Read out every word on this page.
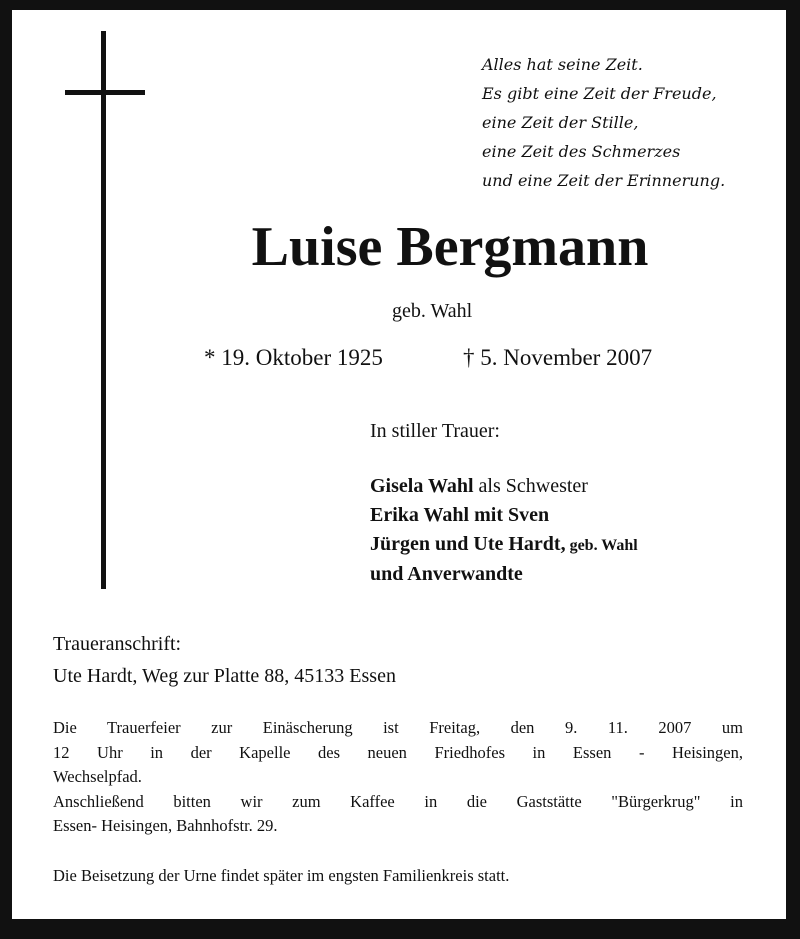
Alles hat seine Zeit.
Es gibt eine Zeit der Freude,
eine Zeit der Stille,
eine Zeit des Schmerzes
und eine Zeit der Erinnerung.
Luise Bergmann
geb. Wahl
* 19. Oktober 1925	† 5. November 2007
In stiller Trauer:
Gisela Wahl als Schwester
Erika Wahl mit Sven
Jürgen und Ute Hardt, geb. Wahl
und Anverwandte
Traueranschrift:
Ute Hardt, Weg zur Platte 88, 45133 Essen
Die Trauerfeier zur Einäscherung ist Freitag, den 9. 11. 2007 um
12 Uhr in der Kapelle des neuen Friedhofes in Essen - Heisingen,
Wechselpfad.
Anschließend bitten wir zum Kaffee in die Gaststätte "Bürgerkrug" in
Essen- Heisingen, Bahnhofstr. 29.
Die Beisetzung der Urne findet später im engsten Familienkreis statt.
